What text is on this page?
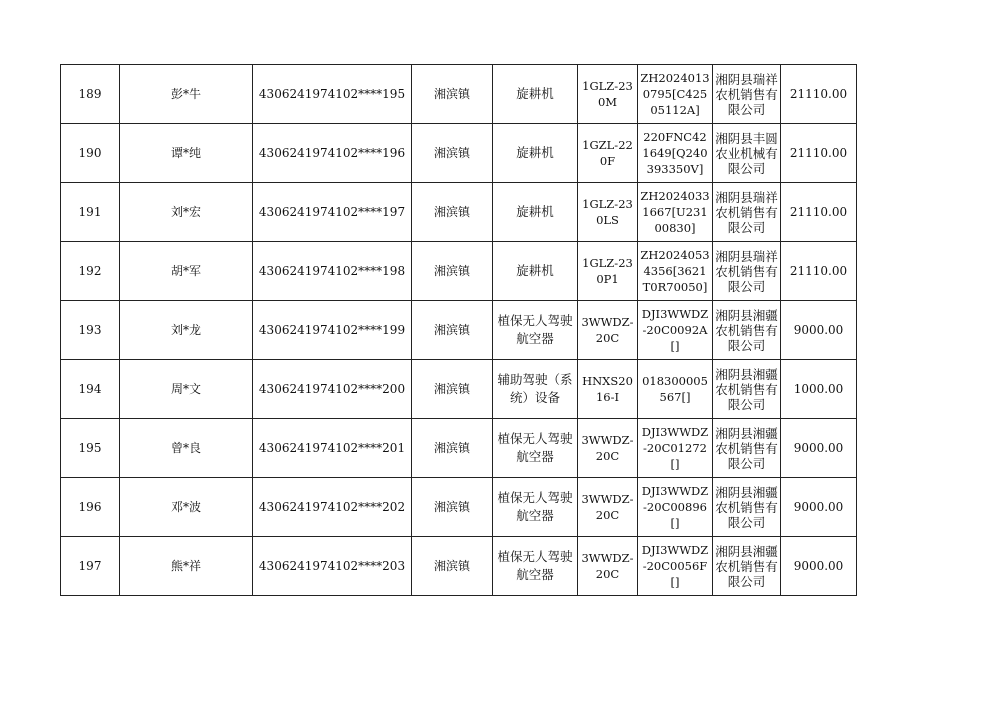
189	彭*牛	4306241974102****195	湘滨镇	旋耕机	1GLZ-230M	ZH20240130795[C42505112A]	湘阴县瑞祥农机销售有限公司	21110.00

190	谭*纯	4306241974102****196	湘滨镇	旋耕机	1GZL-220F	220FNC421649[Q240393350V]	湘阴县丰圆农业机械有限公司	21110.00

191	刘*宏	4306241974102****197	湘滨镇	旋耕机	1GLZ-230LS	ZH20240331667[U23100830]	湘阴县瑞祥农机销售有限公司	21110.00

192	胡*军	4306241974102****198	湘滨镇	旋耕机	1GLZ-230P1	ZH20240534356[3621T0R70050]	湘阴县瑞祥农机销售有限公司	21110.00

193	刘*龙	4306241974102****199	湘滨镇	植保无人驾驶航空器	3WWDZ-20C	DJI3WWDZ-20C0092A[]	湘阴县湘疆农机销售有限公司	9000.00

194	周*文	4306241974102****200	湘滨镇	辅助驾驶（系统）设备	HNXS2016-I	018300005567[]	湘阴县湘疆农机销售有限公司	1000.00

195	曾*良	4306241974102****201	湘滨镇	植保无人驾驶航空器	3WWDZ-20C	DJI3WWDZ-20C01272[]	湘阴县湘疆农机销售有限公司	9000.00

196	邓*波	4306241974102****202	湘滨镇	植保无人驾驶航空器	3WWDZ-20C	DJI3WWDZ-20C00896[]	湘阴县湘疆农机销售有限公司	9000.00

197	熊*祥	4306241974102****203	湘滨镇	植保无人驾驶航空器	3WWDZ-20C	DJI3WWDZ-20C0056F[]	湘阴县湘疆农机销售有限公司	9000.00
